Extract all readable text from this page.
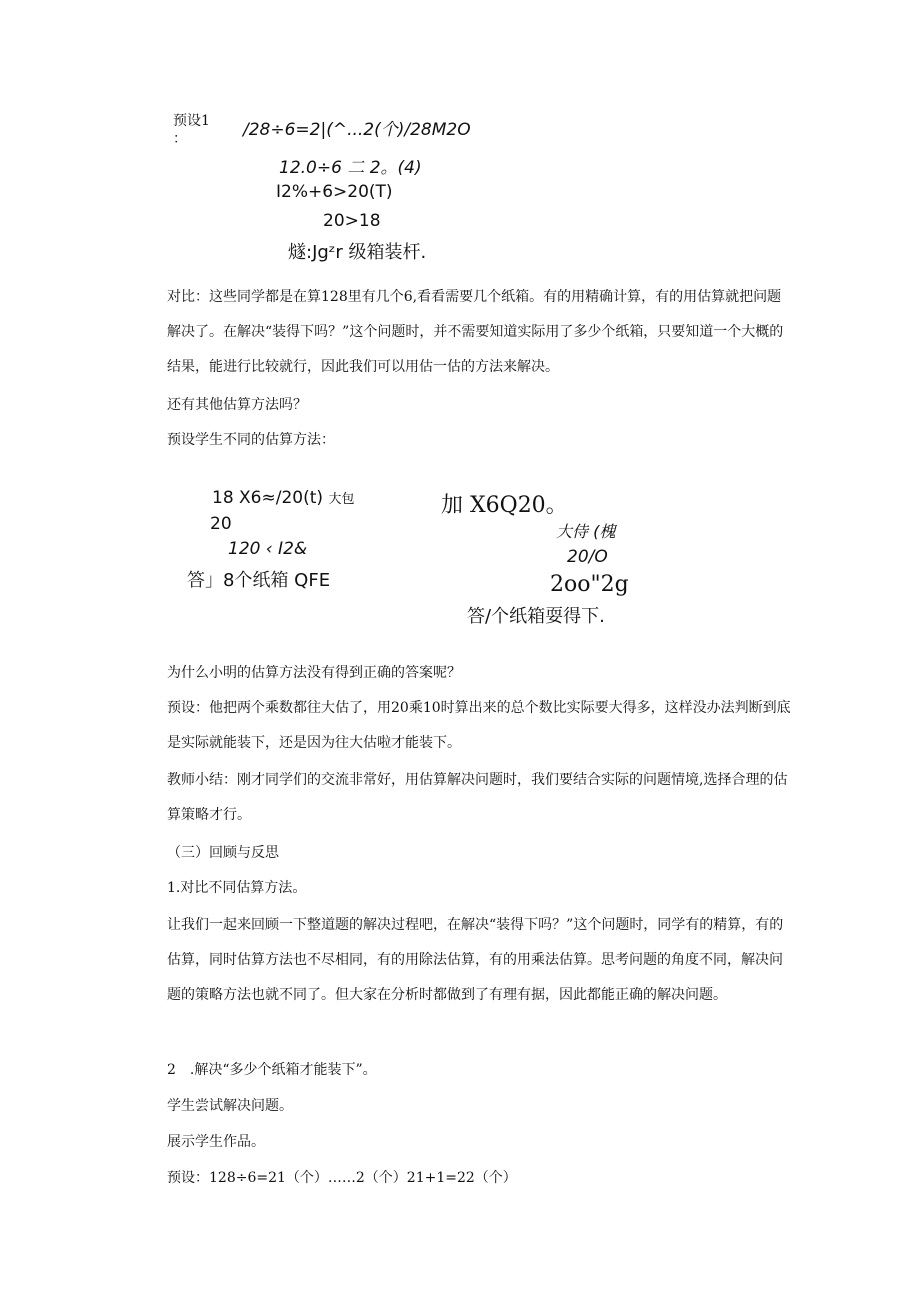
预设1
：	/28÷6=2|(^...2(个)/28M2O
12.0÷6 二 2。(4)
I2%+6>20(T)
20>18
燧:Jgᶻr 级箱装杆.
对比：这些同学都是在算128里有几个6,看看需要几个纸箱。有的用精确计算，有的用估算就把问题解决了。在解决“装得下吗？”这个问题时，并不需要知道实际用了多少个纸箱，只要知道一个大概的结果，能进行比较就行，因此我们可以用估一估的方法来解决。
还有其他估算方法吗？
预设学生不同的估算方法：
18 X6≈/20(t) 大包
20
120 ‹ I2&
答」8个纸箱 QFE
加 X6Q20。
大侍 (槐
20/O
2oo"2g
答/个纸箱耍得下.
为什么小明的估算方法没有得到正确的答案呢？
预设：他把两个乘数都往大估了，用20乘10时算出来的总个数比实际要大得多，这样没办法判断到底是实际就能装下，还是因为往大估啦才能装下。
教师小结：刚才同学们的交流非常好，用估算解决问题时，我们要结合实际的问题情境,选择合理的估算策略才行。
（三）回顾与反思
1.对比不同估算方法。
让我们一起来回顾一下整道题的解决过程吧，在解决“装得下吗？”这个问题时，同学有的精算，有的估算，同时估算方法也不尽相同，有的用除法估算，有的用乘法估算。思考问题的角度不同，解决问题的策略方法也就不同了。但大家在分析时都做到了有理有据，因此都能正确的解决问题。
2　.解决“多少个纸箱才能装下”。
学生尝试解决问题。
展示学生作品。
预设：128÷6=21（个）……2（个）21+1=22（个）
